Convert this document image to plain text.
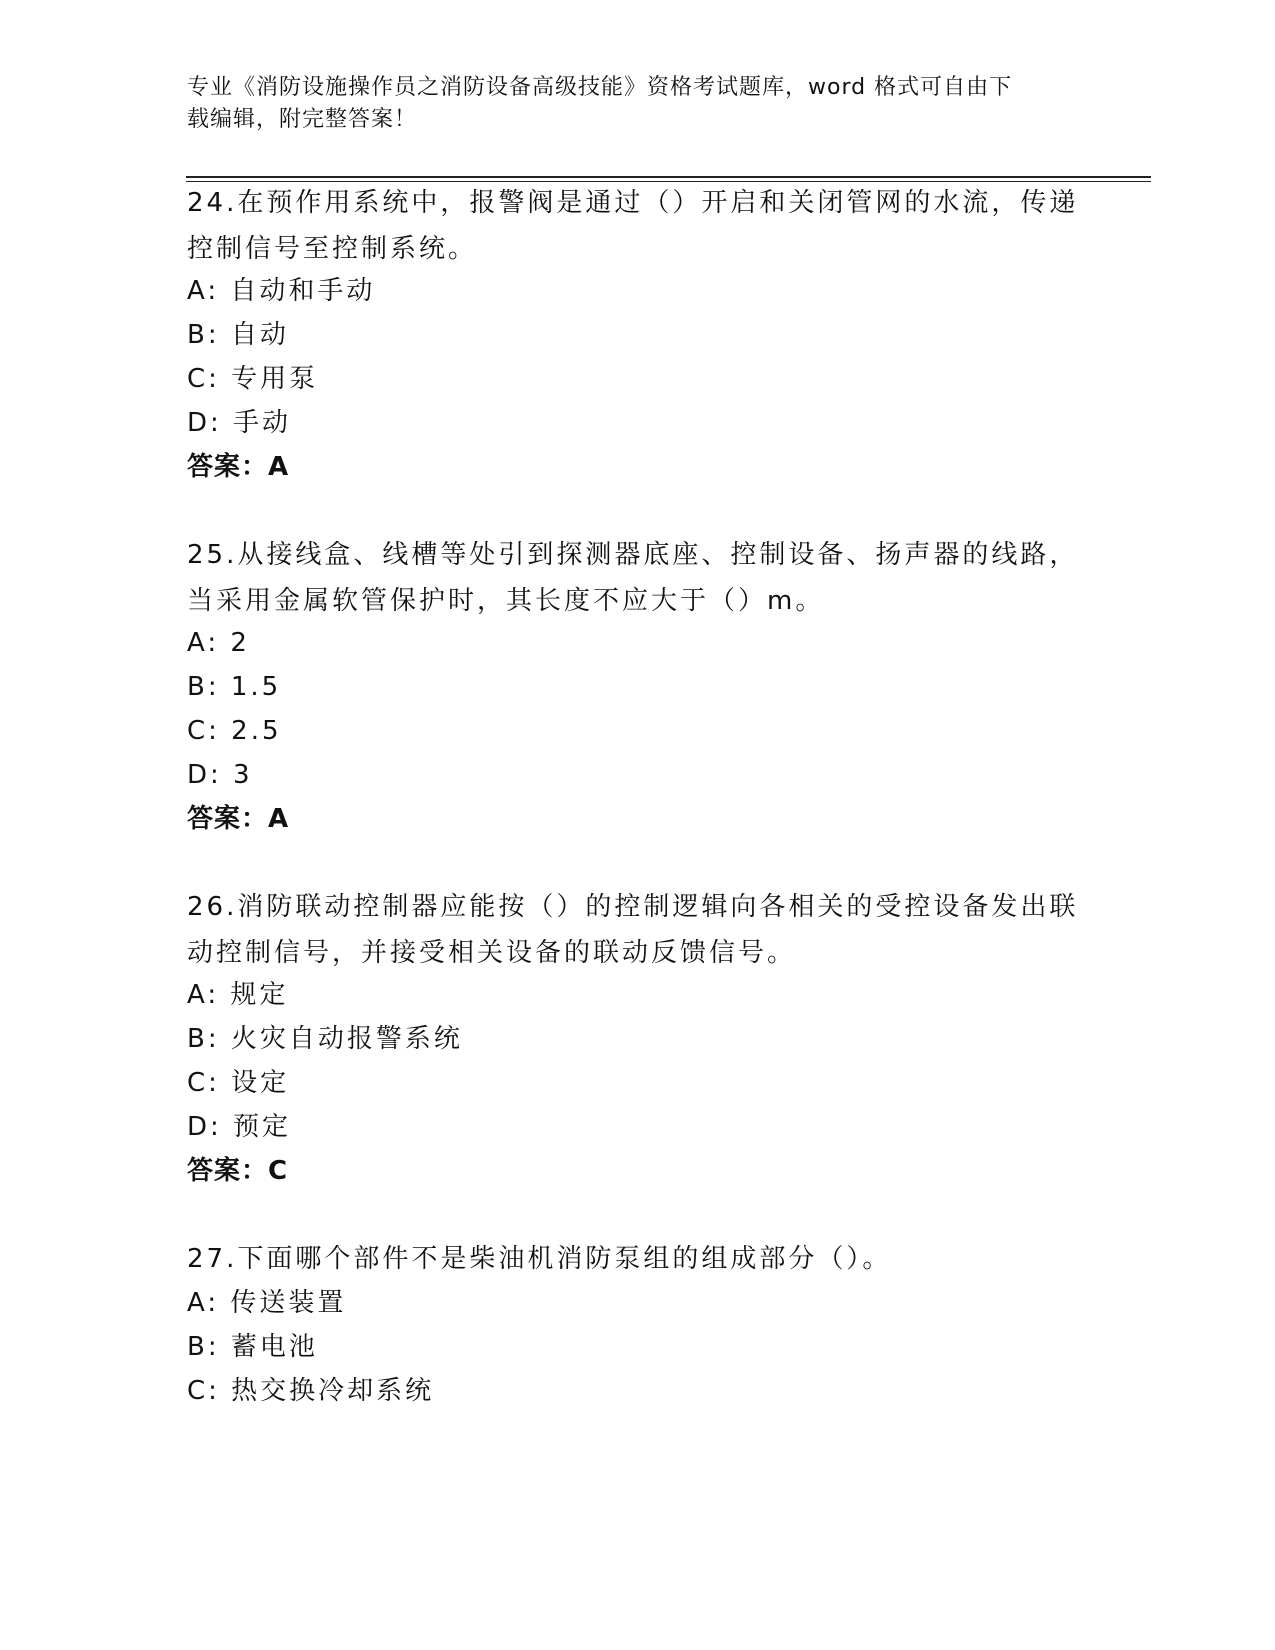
专业《消防设施操作员之消防设备高级技能》资格考试题库，word 格式可自由下
载编辑，附完整答案！
24.在预作用系统中，报警阀是通过（）开启和关闭管网的水流，传递
控制信号至控制系统。
A: 自动和手动
B: 自动
C: 专用泵
D: 手动
答案：A
25.从接线盒、线槽等处引到探测器底座、控制设备、扬声器的线路，
当采用金属软管保护时，其长度不应大于（）m。
A: 2
B: 1.5
C: 2.5
D: 3
答案：A
26.消防联动控制器应能按（）的控制逻辑向各相关的受控设备发出联
动控制信号，并接受相关设备的联动反馈信号。
A: 规定
B: 火灾自动报警系统
C: 设定
D: 预定
答案：C
27.下面哪个部件不是柴油机消防泵组的组成部分（）。
A: 传送装置
B: 蓄电池
C: 热交换冷却系统
